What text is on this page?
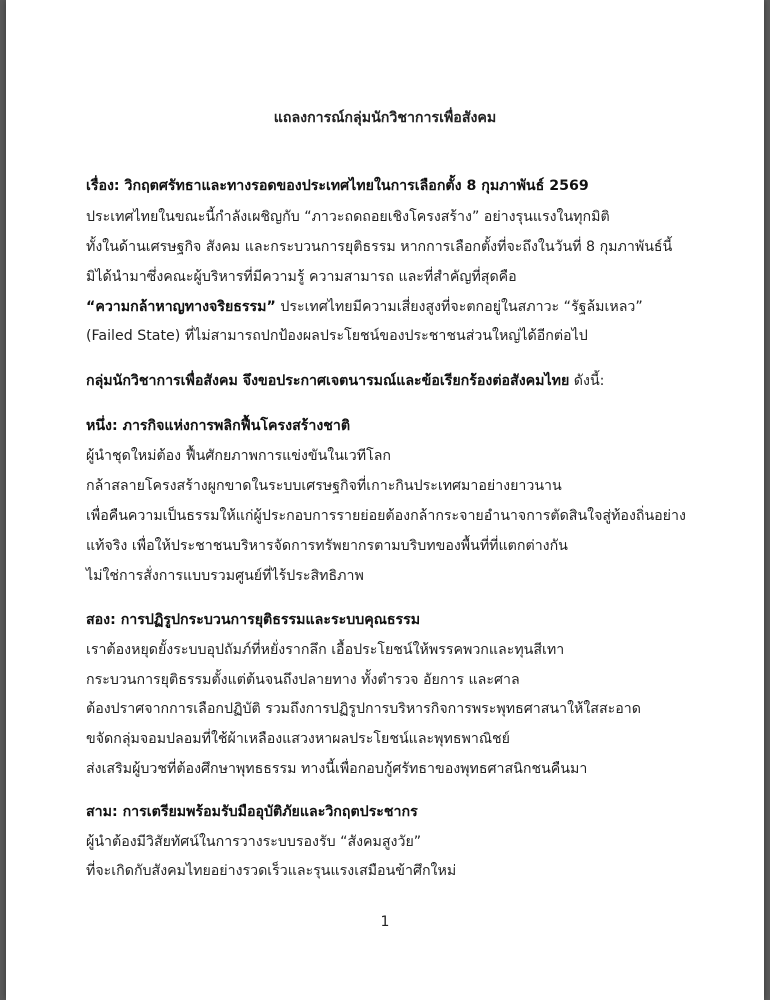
แถลงการณ์กลุ่มนักวิชาการเพื่อสังคม
เรื่อง: วิกฤตศรัทธาและทางรอดของประเทศไทยในการเลือกตั้ง 8 กุมภาพันธ์ 2569
ประเทศไทยในขณะนี้กำลังเผชิญกับ “ภาวะถดถอยเชิงโครงสร้าง” อย่างรุนแรงในทุกมิติ
ทั้งในด้านเศรษฐกิจ สังคม และกระบวนการยุติธรรม หากการเลือกตั้งที่จะถึงในวันที่ 8 กุมภาพันธ์นี้
มิได้นำมาซึ่งคณะผู้บริหารที่มีความรู้ ความสามารถ และที่สำคัญที่สุดคือ
“ความกล้าหาญทางจริยธรรม” ประเทศไทยมีความเสี่ยงสูงที่จะตกอยู่ในสภาวะ “รัฐล้มเหลว”
(Failed State) ที่ไม่สามารถปกป้องผลประโยชน์ของประชาชนส่วนใหญ่ได้อีกต่อไป
กลุ่มนักวิชาการเพื่อสังคม จึงขอประกาศเจตนารมณ์และข้อเรียกร้องต่อสังคมไทย ดังนี้:
หนึ่ง: ภารกิจแห่งการพลิกฟื้นโครงสร้างชาติ
ผู้นำชุดใหม่ต้อง ฟื้นศักยภาพการแข่งขันในเวทีโลก
กล้าสลายโครงสร้างผูกขาดในระบบเศรษฐกิจที่เกาะกินประเทศมาอย่างยาวนาน
เพื่อคืนความเป็นธรรมให้แก่ผู้ประกอบการรายย่อยต้องกล้ากระจายอำนาจการตัดสินใจสู่ท้องถิ่นอย่าง
แท้จริง เพื่อให้ประชาชนบริหารจัดการทรัพยากรตามบริบทของพื้นที่ที่แตกต่างกัน
ไม่ใช่การสั่งการแบบรวมศูนย์ที่ไร้ประสิทธิภาพ
สอง: การปฏิรูปกระบวนการยุติธรรมและระบบคุณธรรม
เราต้องหยุดยั้งระบบอุปถัมภ์ที่หยั่งรากลึก เอื้อประโยชน์ให้พรรคพวกและทุนสีเทา
กระบวนการยุติธรรมตั้งแต่ต้นจนถึงปลายทาง ทั้งตำรวจ อัยการ และศาล
ต้องปราศจากการเลือกปฏิบัติ รวมถึงการปฏิรูปการบริหารกิจการพระพุทธศาสนาให้ใสสะอาด
ขจัดกลุ่มจอมปลอมที่ใช้ผ้าเหลืองแสวงหาผลประโยชน์และพุทธพาณิชย์
ส่งเสริมผู้บวชที่ต้องศึกษาพุทธธรรม ทางนี้เพื่อกอบกู้ศรัทธาของพุทธศาสนิกชนคืนมา
สาม: การเตรียมพร้อมรับมืออุบัติภัยและวิกฤตประชากร
ผู้นำต้องมีวิสัยทัศน์ในการวางระบบรองรับ “สังคมสูงวัย”
ที่จะเกิดกับสังคมไทยอย่างรวดเร็วและรุนแรงเสมือนข้าศึกใหม่
1
